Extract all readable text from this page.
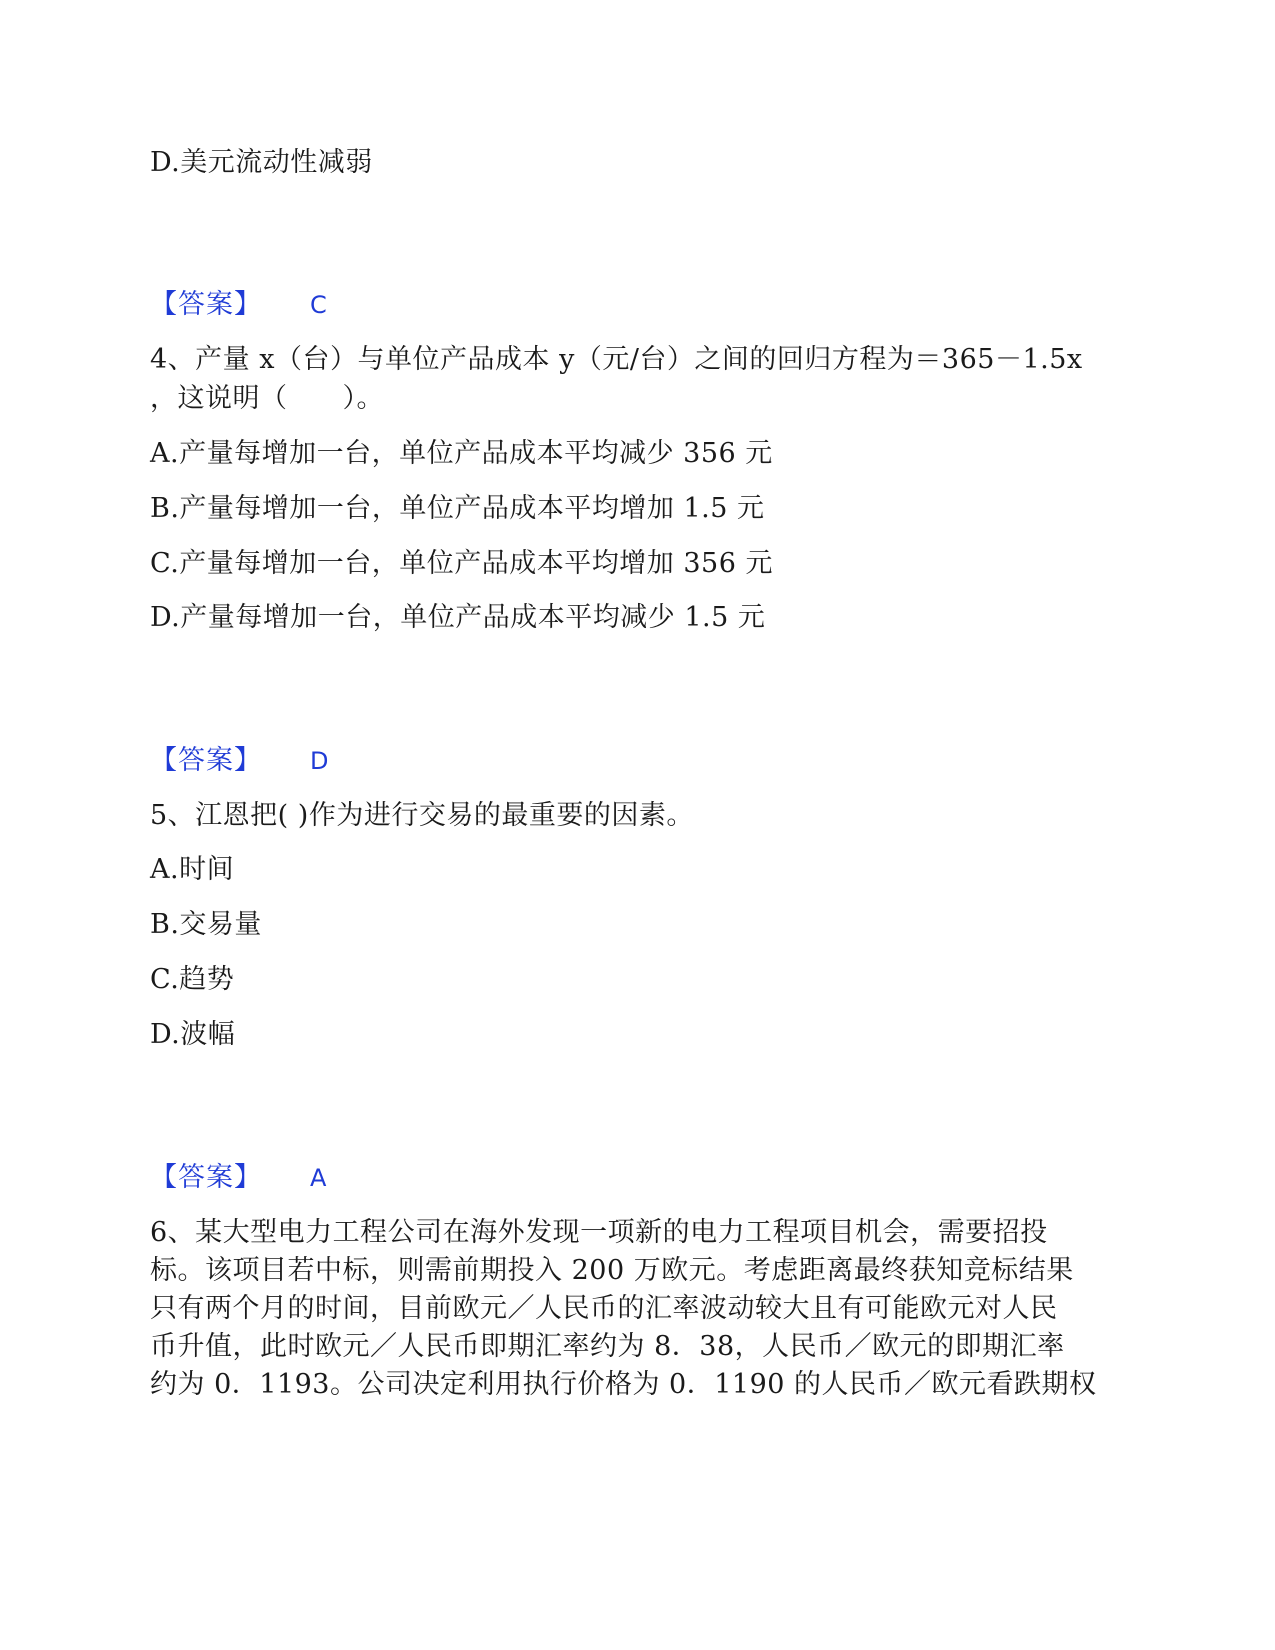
D.美元流动性减弱
【答案】 C
4、产量 x（台）与单位产品成本 y（元/台）之间的回归方程为＝365－1.5x
，这说明（　　）。
A.产量每增加一台，单位产品成本平均减少 356 元
B.产量每增加一台，单位产品成本平均增加 1.5 元
C.产量每增加一台，单位产品成本平均增加 356 元
D.产量每增加一台，单位产品成本平均减少 1.5 元
【答案】 D
5、江恩把( )作为进行交易的最重要的因素。
A.时间
B.交易量
C.趋势
D.波幅
【答案】 A
6、某大型电力工程公司在海外发现一项新的电力工程项目机会，需要招投
标。该项目若中标，则需前期投入 200 万欧元。考虑距离最终获知竞标结果
只有两个月的时间，目前欧元／人民币的汇率波动较大且有可能欧元对人民
币升值，此时欧元／人民币即期汇率约为 8．38，人民币／欧元的即期汇率
约为 0．1193。公司决定利用执行价格为 0．1190 的人民币／欧元看跌期权
